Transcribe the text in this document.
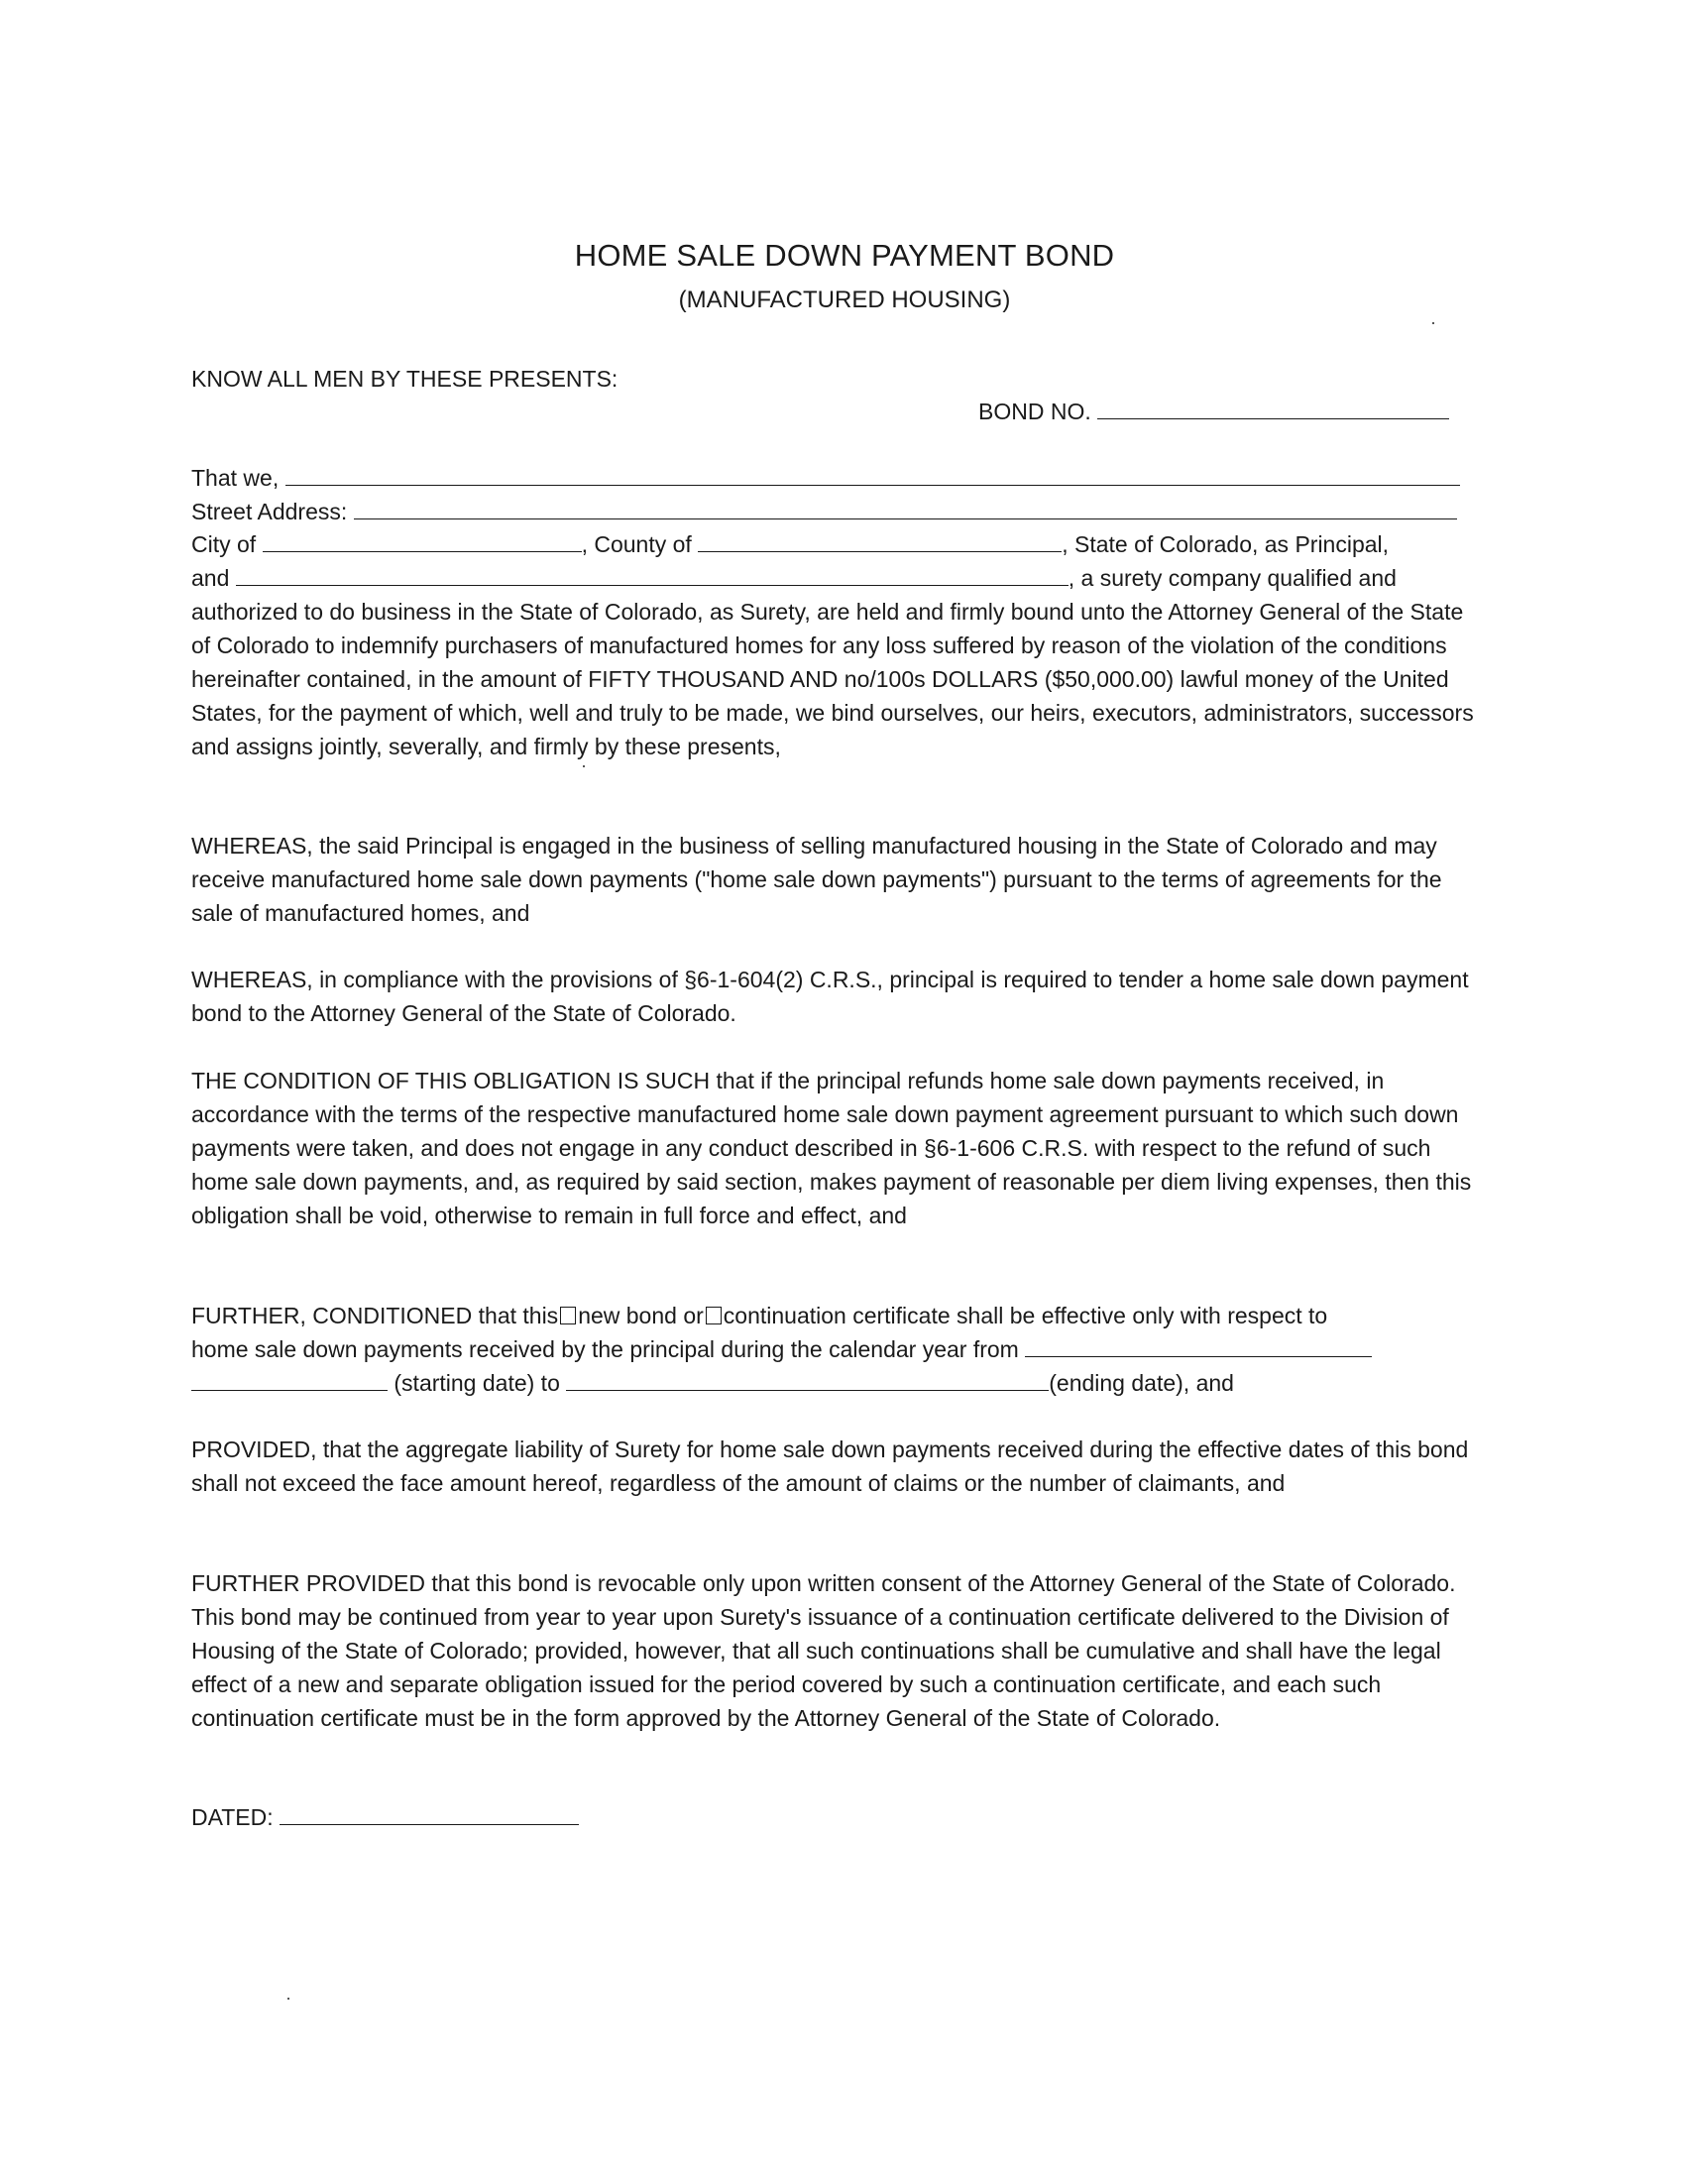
HOME SALE DOWN PAYMENT BOND
(MANUFACTURED HOUSING)
KNOW ALL MEN BY THESE PRESENTS:
BOND NO.
That we,
Street Address:
City of	, County of	, State of Colorado, as Principal,
and	, a surety company qualified and
authorized to do business in the State of Colorado, as Surety, are held and firmly bound unto the Attorney General of the State of Colorado to indemnify purchasers of manufactured homes for any loss suffered by reason of the violation of the conditions hereinafter contained, in the amount of FIFTY THOUSAND AND no/100s DOLLARS ($50,000.00) lawful money of the United States, for the payment of which, well and truly to be made, we bind ourselves, our heirs, executors, administrators, successors and assigns jointly, severally, and firmly by these presents,
WHEREAS, the said Principal is engaged in the business of selling manufactured housing in the State of Colorado and may receive manufactured home sale down payments ("home sale down payments") pursuant to the terms of agreements for the sale of manufactured homes, and
WHEREAS, in compliance with the provisions of §6-1-604(2) C.R.S., principal is required to tender a home sale down payment bond to the Attorney General of the State of Colorado.
THE CONDITION OF THIS OBLIGATION IS SUCH that if the principal refunds home sale down payments received, in accordance with the terms of the respective manufactured home sale down payment agreement pursuant to which such down payments were taken, and does not engage in any conduct described in §6-1-606 C.R.S. with respect to the refund of such home sale down payments, and, as required by said section, makes payment of reasonable per diem living expenses, then this obligation shall be void, otherwise to remain in full force and effect, and
FURTHER, CONDITIONED that this new bond or continuation certificate shall be effective only with respect to
home sale down payments received by the principal during the calendar year from
(starting date) to	(ending date), and
PROVIDED, that the aggregate liability of Surety for home sale down payments received during the effective dates of this bond shall not exceed the face amount hereof, regardless of the amount of claims or the number of claimants, and
FURTHER PROVIDED that this bond is revocable only upon written consent of the Attorney General of the State of Colorado. This bond may be continued from year to year upon Surety's issuance of a continuation certificate delivered to the Division of Housing of the State of Colorado; provided, however, that all such continuations shall be cumulative and shall have the legal effect of a new and separate obligation issued for the period covered by such a continuation certificate, and each such continuation certificate must be in the form approved by the Attorney General of the State of Colorado.
DATED:
